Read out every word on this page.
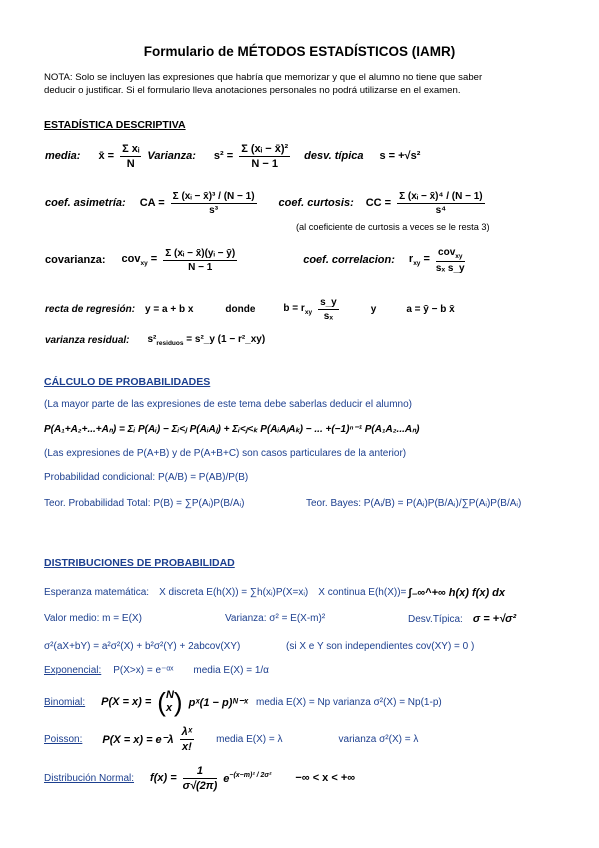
Formulario de MÉTODOS ESTADÍSTICOS (IAMR)
NOTA: Solo se incluyen las expresiones que habría que memorizar y que el alumno no tiene que saber
deducir o justificar. Si el formulario lleva anotaciones personales no podrá utilizarse en el examen.
ESTADÍSTICA DESCRIPTIVA
media: x̄ = $\frac{\text{Σ xᵢ}}{N}$ Varianza: $s^2 = \frac{\text{Σ (xᵢ − x̄)²}}{N - 1}$ desv. típica s = +√s²
coef. asimetría: CA = $\frac{\text{Σ (xᵢ − x̄)³ / (N − 1)}}{\text{s³}}$ coef. curtosis: CC = $\frac{\text{Σ (xᵢ − x̄)⁴ / (N − 1)}}{\text{s⁴}}$
(al coeficiente de curtosis a veces se le resta 3)
covarianza: $cov_{xy} = \frac{\text{Σ (xᵢ − x̄)(yᵢ − ȳ)}}{N - 1}$	coef. correlacion: $r_{xy} = \frac{cov_{xy}}{\text{sₓ s\_y}}$
recta de regresión: y = a + b x	donde	$b = r_{xy} \frac{s\_y}{\text{sₓ}}$	y	a = ȳ − b x̄
varianza residual: $s^2_{residuos}$ = s²_y (1 − r²_xy)
CÁLCULO DE PROBABILIDADES
(La mayor parte de las expresiones de este tema debe saberlas deducir el alumno)
P(A₁+A₂+...+Aₙ) = Σᵢ P(Aᵢ) − Σᵢ<ⱼ P(AᵢAⱼ) + Σᵢ<ⱼ<ₖ P(AᵢAⱼAₖ) − ... +(−1)ⁿ⁻¹ P(A₁A₂...Aₙ)
(Las expresiones de P(A+B) y de P(A+B+C) son casos particulares de la anterior)
Probabilidad condicional: P(A/B) = P(AB)/P(B)
Teor. Probabilidad Total: P(B) = ∑P(Aᵢ)P(B/Aᵢ)	Teor. Bayes: P(Aᵢ/B) = P(Aᵢ)P(B/Aᵢ)/∑P(Aᵢ)P(B/Aᵢ)
DISTRIBUCIONES DE PROBABILIDAD
Esperanza matemática: X discreta E(h(X)) = ∑h(xᵢ)P(X=xᵢ) X continua E(h(X))= ∫₋∞^+∞ h(x) f(x) dx
Valor medio: m = E(X)	Varianza: σ² = E(X-m)²	Desv.Típica: σ = +√σ²
σ²(aX+bY) = a²σ²(X) + b²σ²(Y) + 2abcov(XY)	(si X e Y son independientes cov(XY) = 0 )
Exponencial: P(X>x) = e⁻ᵅˣ media E(X) = 1/α
Binomial: P(X = x) = ( N
x ) pˣ(1 − p)ᴺ⁻ˣ media E(X) = Np varianza σ²(X) = Np(1-p)
Poisson: $P(X = x) = e^-\lambda \frac{\text{λˣ}}{x!}$ media E(X) = λ	varianza σ²(X) = λ
Distribución Normal: $f(x) = \frac{1}{\sigma√(2\pi)} e^{-(x-m)^2 / 2\sigma^2}$ −∞ < x < +∞
